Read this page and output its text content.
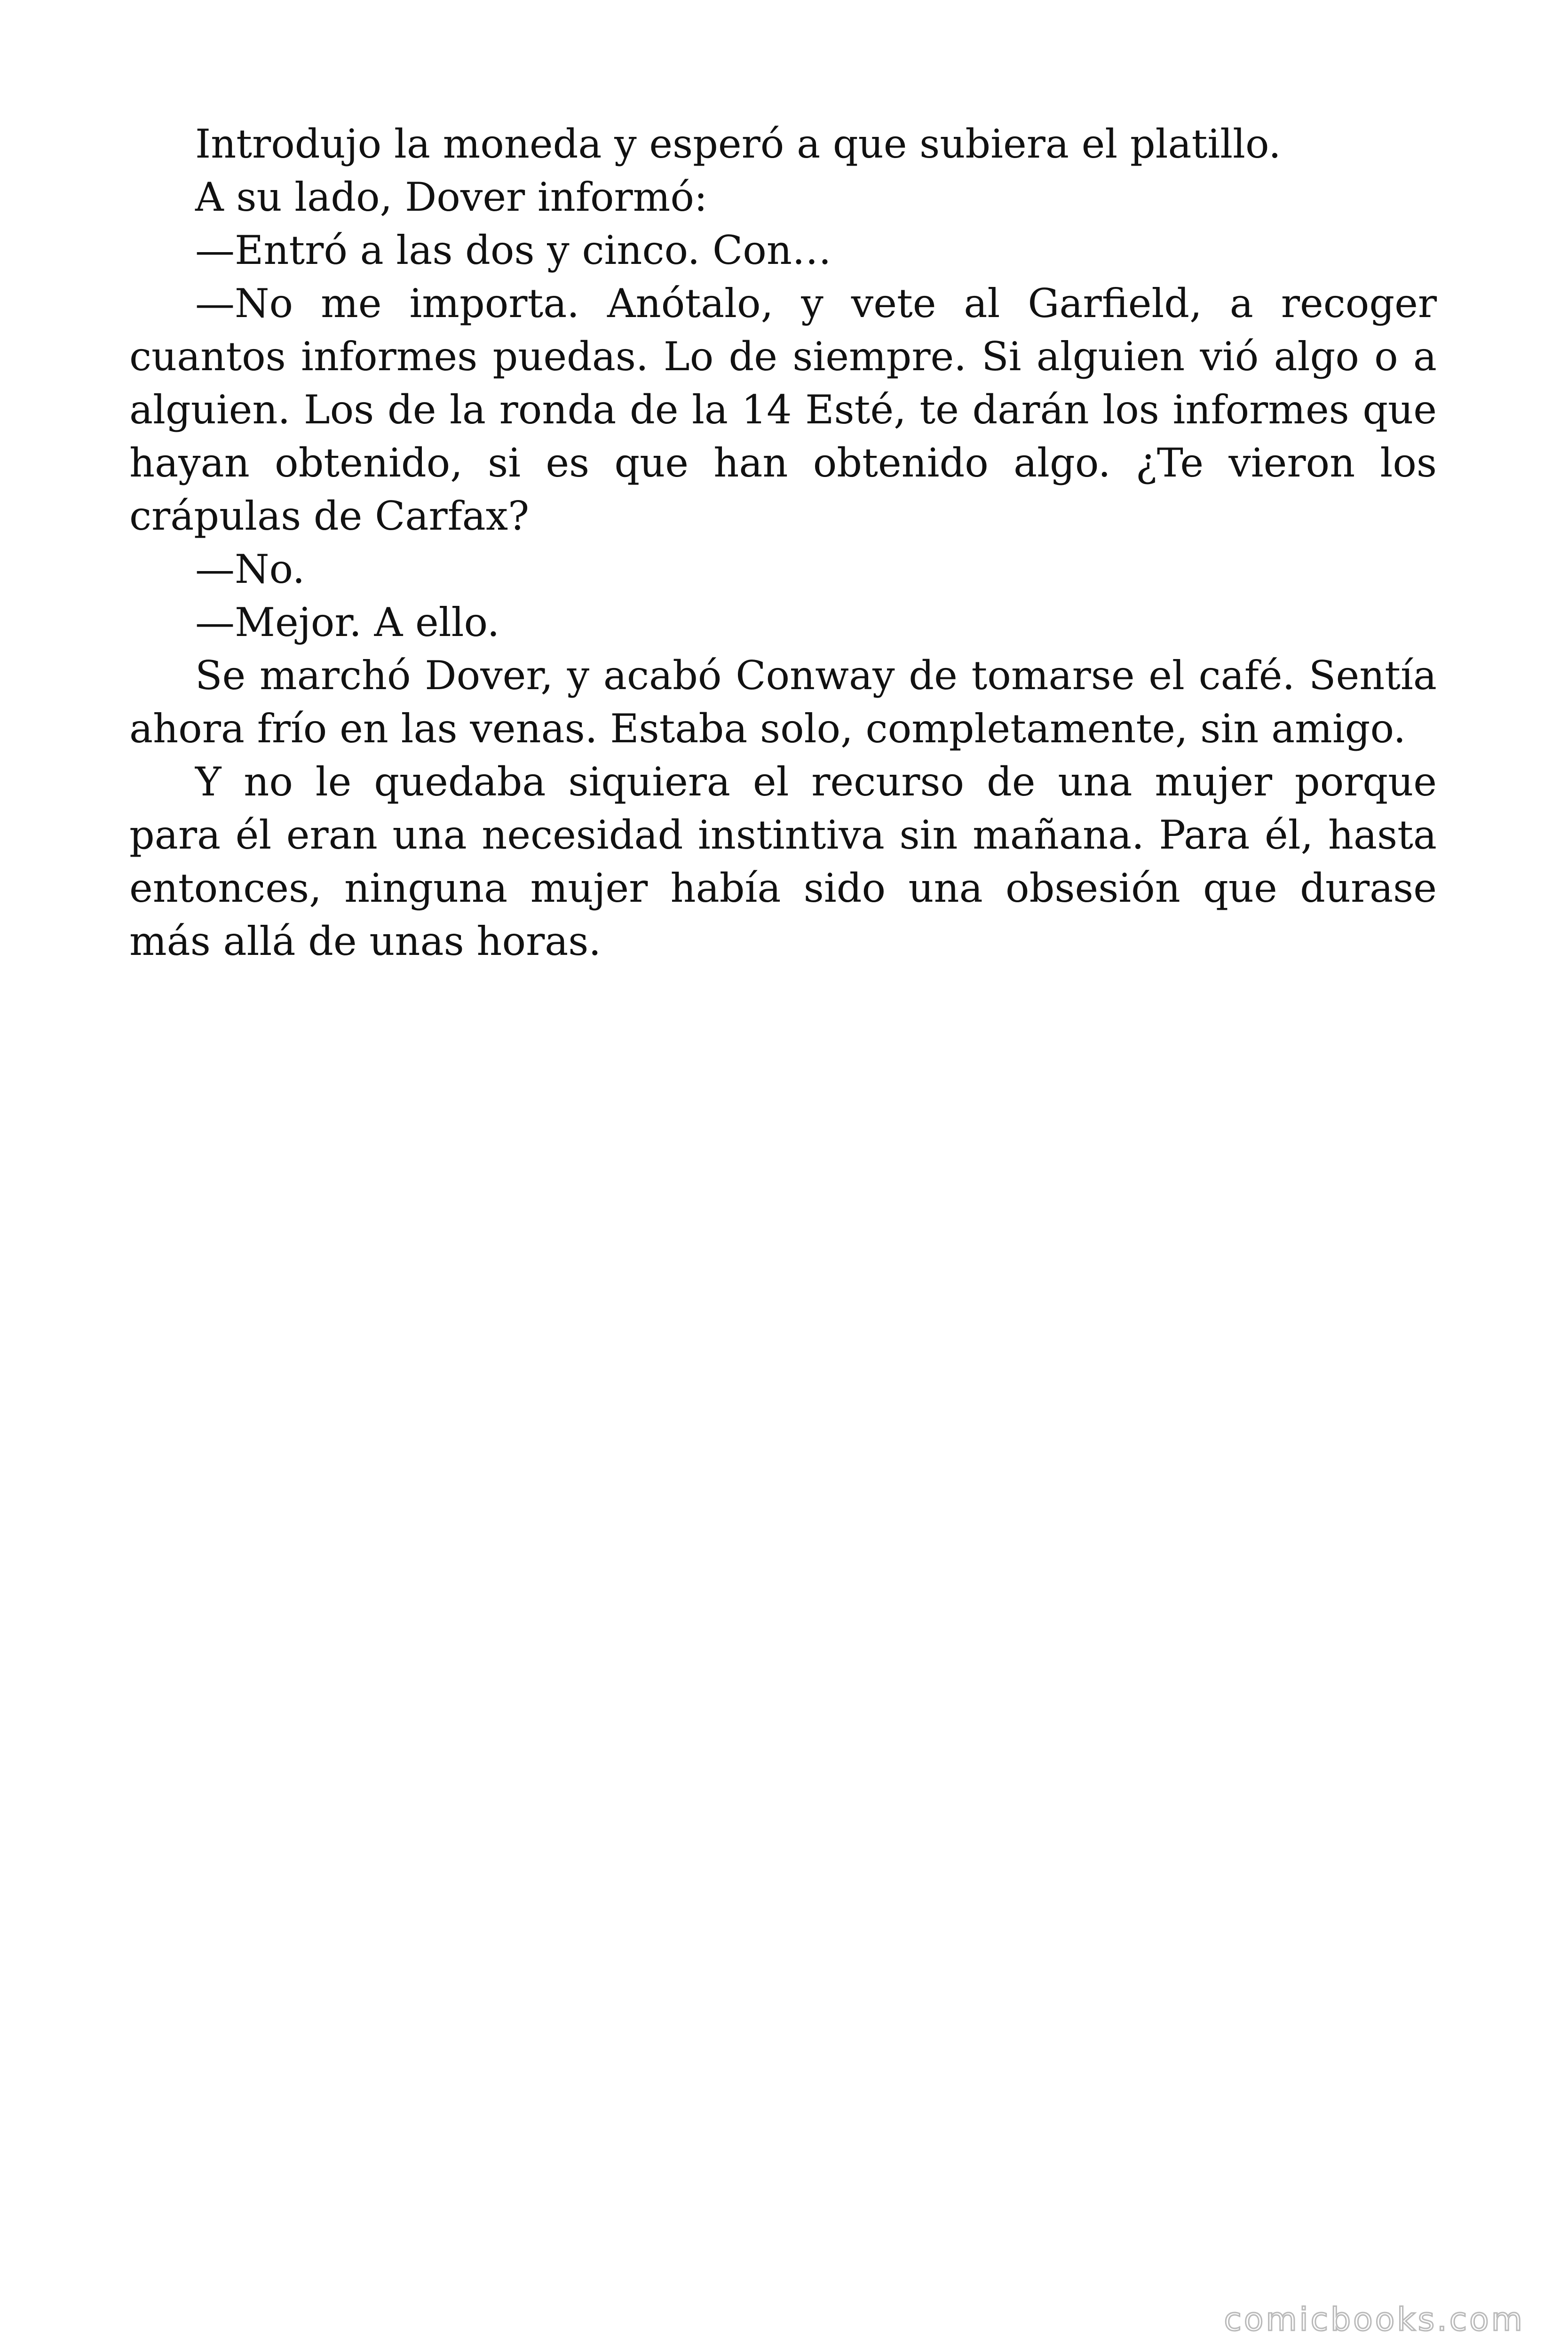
Introdujo la moneda y esperó a que subiera el platillo.

A su lado, Dover informó:

—Entró a las dos y cinco. Con…

—No me importa. Anótalo, y vete al Garfield, a recoger cuantos informes puedas. Lo de siempre. Si alguien vió algo o a alguien. Los de la ronda de la 14 Esté, te darán los informes que hayan obtenido, si es que han obtenido algo. ¿Te vieron los crápulas de Carfax?

—No.

—Mejor. A ello.

Se marchó Dover, y acabó Conway de tomarse el café. Sentía ahora frío en las venas. Estaba solo, completamente, sin amigo.

Y no le quedaba siquiera el recurso de una mujer porque para él eran una necesidad instintiva sin mañana. Para él, hasta entonces, ninguna mujer había sido una obsesión que durase más allá de unas horas.

comicbooks.com
